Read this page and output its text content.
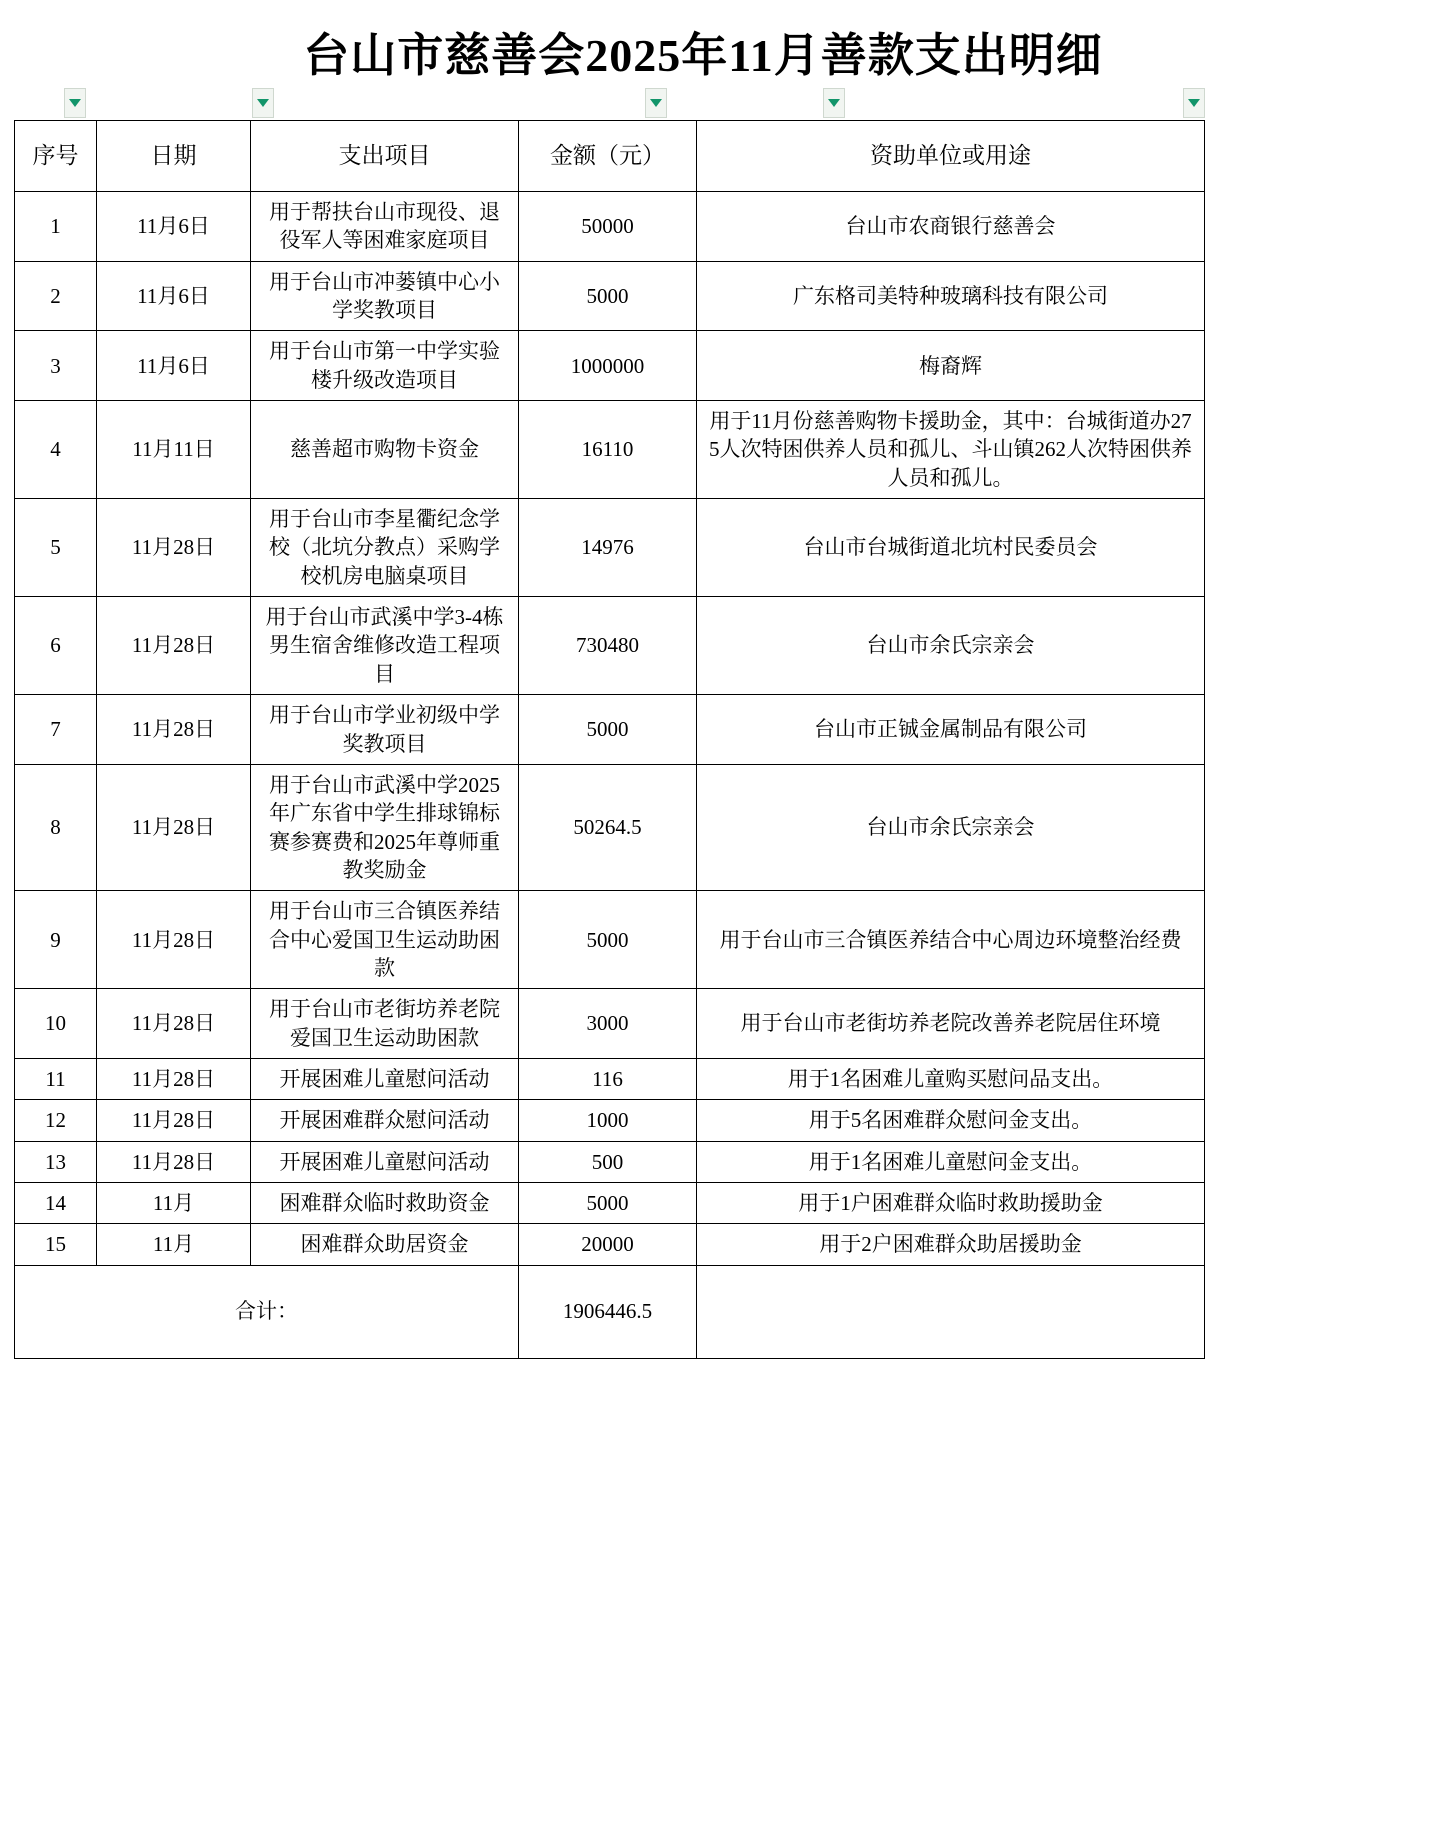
台山市慈善会2025年11月善款支出明细
序号	日期	支出项目	金额（元）	资助单位或用途
1	11月6日	用于帮扶台山市现役、退役军人等困难家庭项目	50000	台山市农商银行慈善会
2	11月6日	用于台山市冲蒌镇中心小学奖教项目	5000	广东格司美特种玻璃科技有限公司
3	11月6日	用于台山市第一中学实验楼升级改造项目	1000000	梅裔辉
4	11月11日	慈善超市购物卡资金	16110	用于11月份慈善购物卡援助金，其中：台城街道办275人次特困供养人员和孤儿、斗山镇262人次特困供养人员和孤儿。
5	11月28日	用于台山市李星衢纪念学校（北坑分教点）采购学校机房电脑桌项目	14976	台山市台城街道北坑村民委员会
6	11月28日	用于台山市武溪中学3-4栋男生宿舍维修改造工程项目	730480	台山市余氏宗亲会
7	11月28日	用于台山市学业初级中学奖教项目	5000	台山市正铖金属制品有限公司
8	11月28日	用于台山市武溪中学2025年广东省中学生排球锦标赛参赛费和2025年尊师重教奖励金	50264.5	台山市余氏宗亲会
9	11月28日	用于台山市三合镇医养结合中心爱国卫生运动助困款	5000	用于台山市三合镇医养结合中心周边环境整治经费
10	11月28日	用于台山市老街坊养老院爱国卫生运动助困款	3000	用于台山市老街坊养老院改善养老院居住环境
11	11月28日	开展困难儿童慰问活动	116	用于1名困难儿童购买慰问品支出。
12	11月28日	开展困难群众慰问活动	1000	用于5名困难群众慰问金支出。
13	11月28日	开展困难儿童慰问活动	500	用于1名困难儿童慰问金支出。
14	11月	困难群众临时救助资金	5000	用于1户困难群众临时救助援助金
15	11月	困难群众助居资金	20000	用于2户困难群众助居援助金
合计：			1906446.5	
